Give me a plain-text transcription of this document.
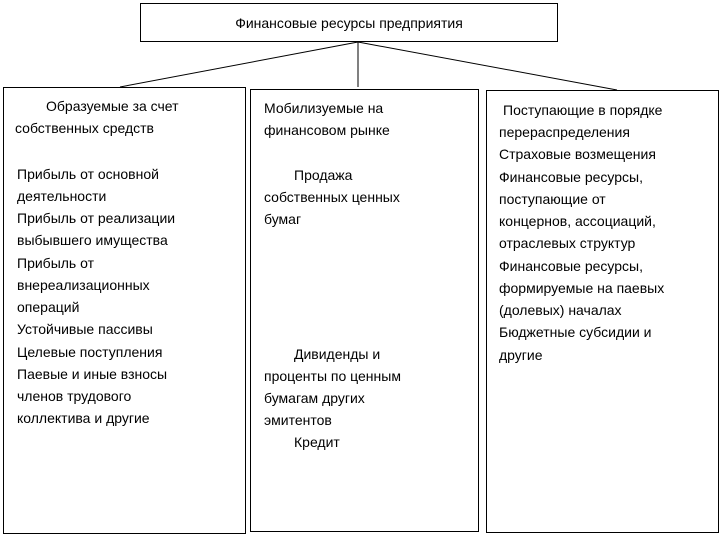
Финансовые ресурсы предприятия
Образуемые за счет
собственных средств
Прибыль от основной
деятельности
Прибыль от реализации
выбывшего имущества
Прибыль от
внереализационных
операций
Устойчивые пассивы
Целевые поступления
Паевые и иные взносы
членов трудового
коллектива и другие
Мобилизуемые на
финансовом рынке
Продажа
собственных ценных
бумаг
Дивиденды и
проценты по ценным
бумагам других
эмитентов
Кредит
Поступающие в порядке
перераспределения
Страховые возмещения
Финансовые ресурсы,
поступающие от
концернов, ассоциаций,
отраслевых структур
Финансовые ресурсы,
формируемые на паевых
(долевых) началах
Бюджетные субсидии и
другие
